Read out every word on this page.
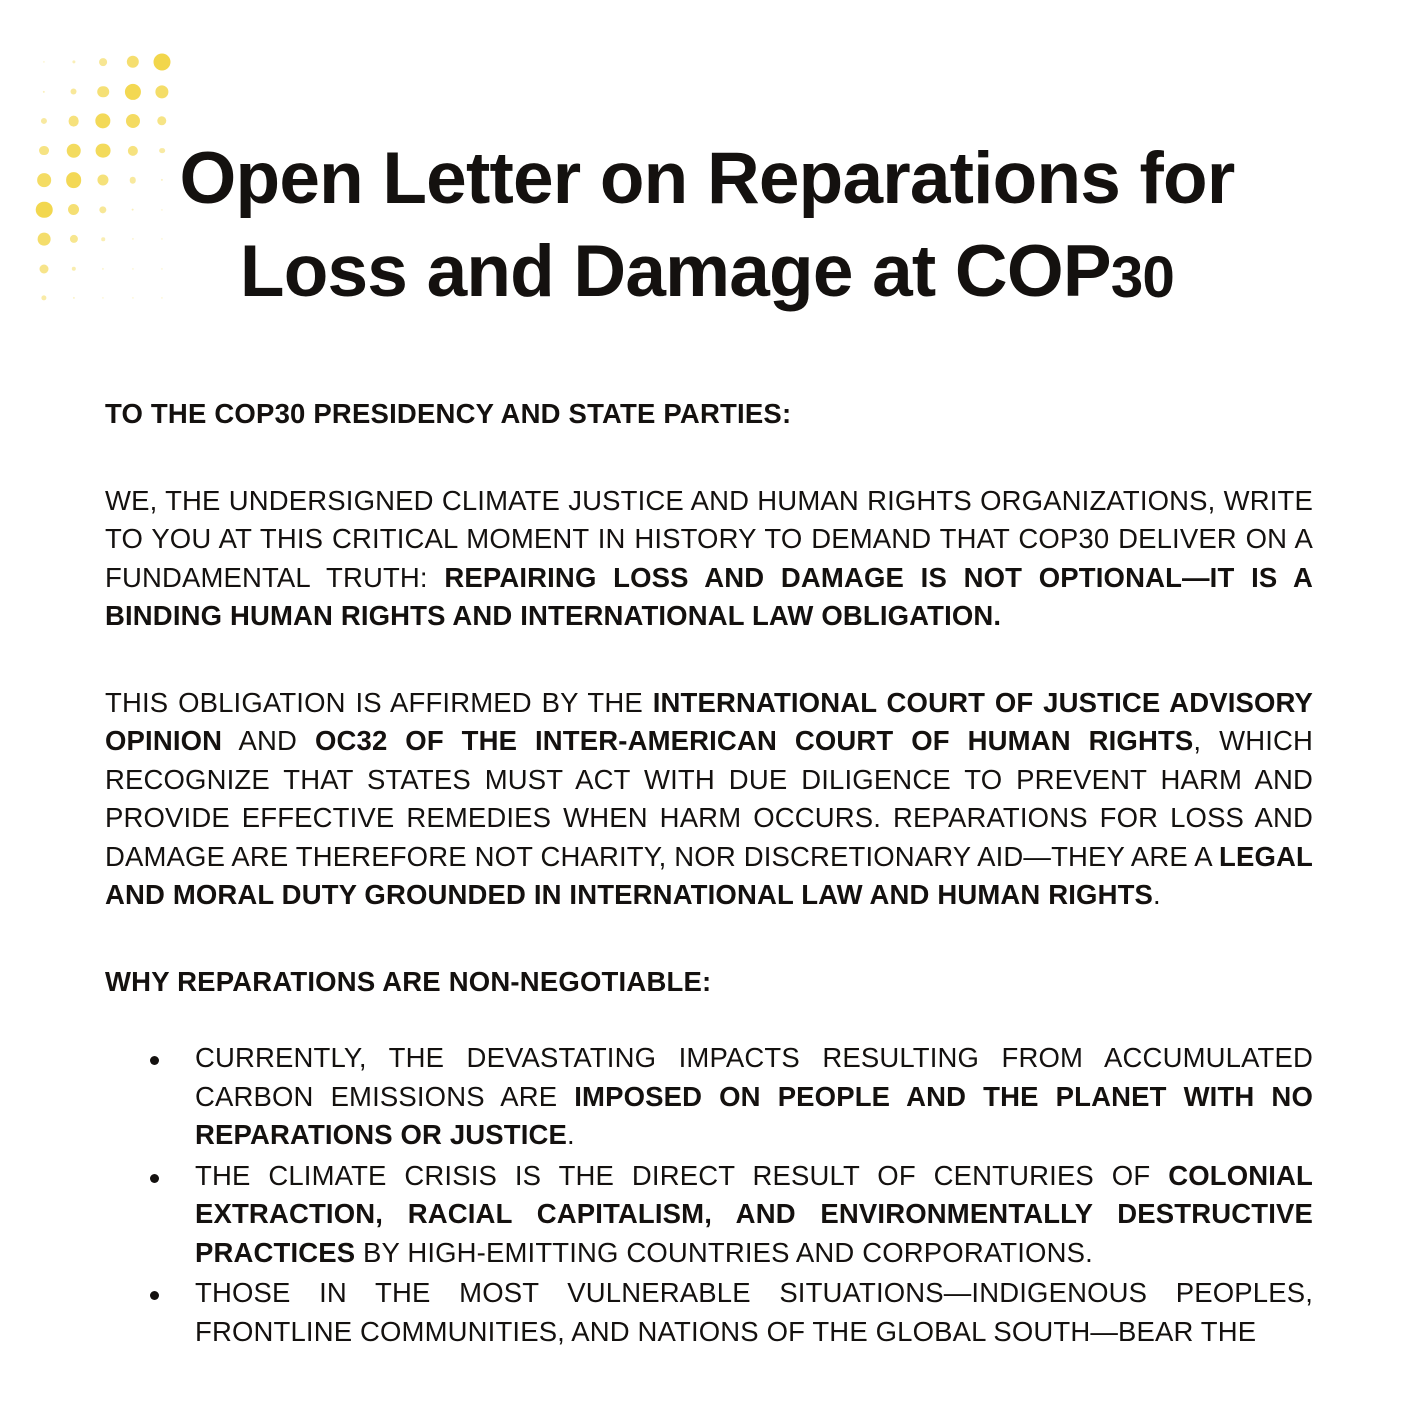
Open Letter on Reparations for
Loss and Damage at COP30

TO THE COP30 PRESIDENCY AND STATE PARTIES:

WE, THE UNDERSIGNED CLIMATE JUSTICE AND HUMAN RIGHTS ORGANIZATIONS, WRITE TO YOU AT THIS CRITICAL MOMENT IN HISTORY TO DEMAND THAT COP30 DELIVER ON A FUNDAMENTAL TRUTH: REPAIRING LOSS AND DAMAGE IS NOT OPTIONAL—IT IS A BINDING HUMAN RIGHTS AND INTERNATIONAL LAW OBLIGATION.

THIS OBLIGATION IS AFFIRMED BY THE INTERNATIONAL COURT OF JUSTICE ADVISORY OPINION AND OC32 OF THE INTER-AMERICAN COURT OF HUMAN RIGHTS, WHICH RECOGNIZE THAT STATES MUST ACT WITH DUE DILIGENCE TO PREVENT HARM AND PROVIDE EFFECTIVE REMEDIES WHEN HARM OCCURS. REPARATIONS FOR LOSS AND DAMAGE ARE THEREFORE NOT CHARITY, NOR DISCRETIONARY AID—THEY ARE A LEGAL AND MORAL DUTY GROUNDED IN INTERNATIONAL LAW AND HUMAN RIGHTS.

WHY REPARATIONS ARE NON-NEGOTIABLE:

CURRENTLY, THE DEVASTATING IMPACTS RESULTING FROM ACCUMULATED CARBON EMISSIONS ARE IMPOSED ON PEOPLE AND THE PLANET WITH NO REPARATIONS OR JUSTICE.
THE CLIMATE CRISIS IS THE DIRECT RESULT OF CENTURIES OF COLONIAL EXTRACTION, RACIAL CAPITALISM, AND ENVIRONMENTALLY DESTRUCTIVE PRACTICES BY HIGH-EMITTING COUNTRIES AND CORPORATIONS.
THOSE IN THE MOST VULNERABLE SITUATIONS—INDIGENOUS PEOPLES, FRONTLINE COMMUNITIES, AND NATIONS OF THE GLOBAL SOUTH—BEAR THE
